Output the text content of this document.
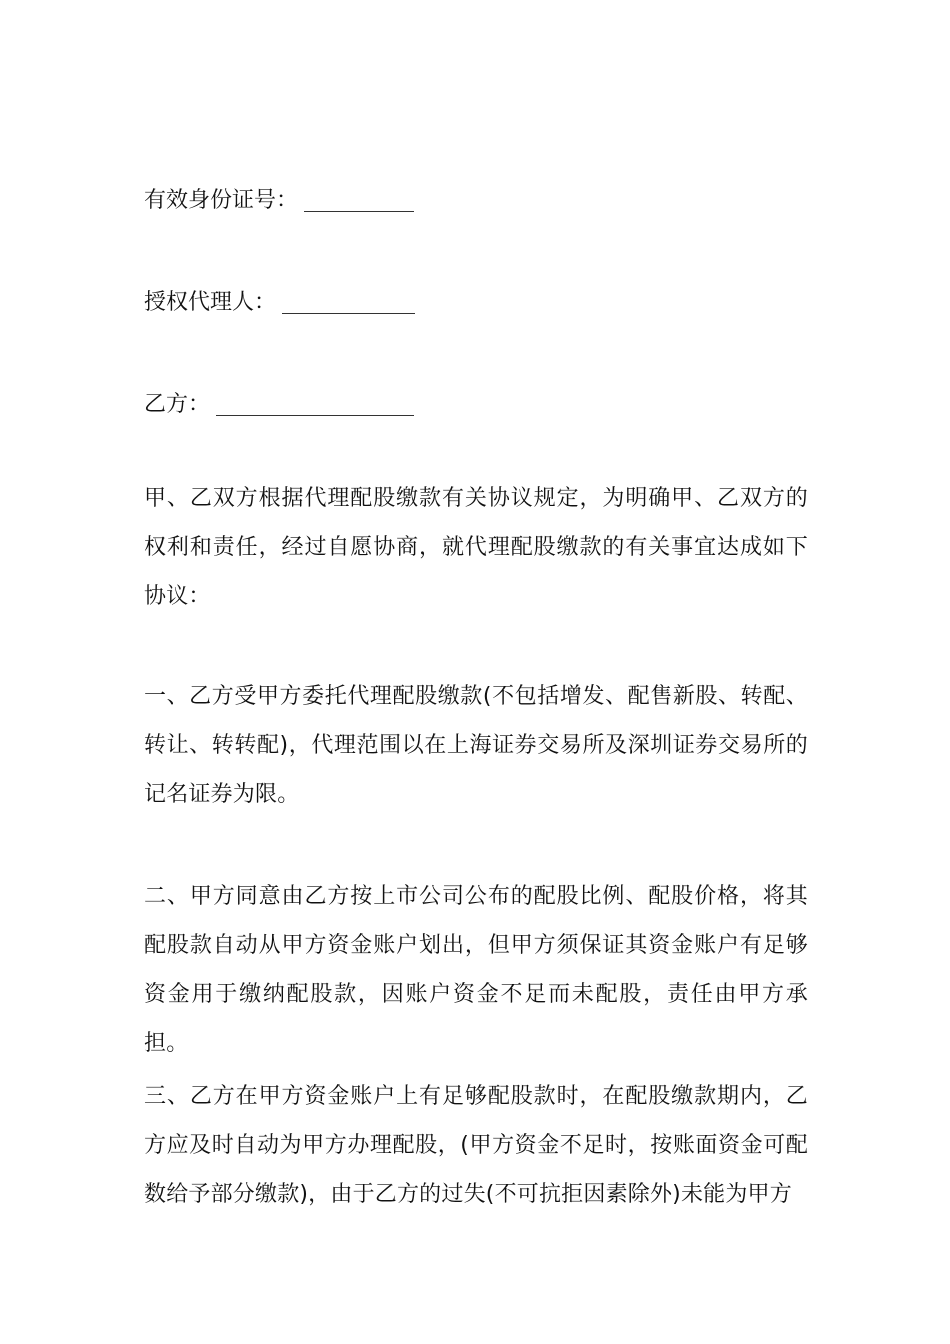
有效身份证号：
授权代理人：
乙方：

甲、乙双方根据代理配股缴款有关协议规定，为明确甲、乙双方的权利和责任，经过自愿协商，就代理配股缴款的有关事宜达成如下协议：

一、乙方受甲方委托代理配股缴款(不包括增发、配售新股、转配、转让、转转配)，代理范围以在上海证券交易所及深圳证券交易所的记名证券为限。

二、甲方同意由乙方按上市公司公布的配股比例、配股价格，将其配股款自动从甲方资金账户划出，但甲方须保证其资金账户有足够资金用于缴纳配股款，因账户资金不足而未配股，责任由甲方承担。

三、乙方在甲方资金账户上有足够配股款时，在配股缴款期内，乙方应及时自动为甲方办理配股，(甲方资金不足时，按账面资金可配数给予部分缴款)，由于乙方的过失(不可抗拒因素除外)未能为甲方
